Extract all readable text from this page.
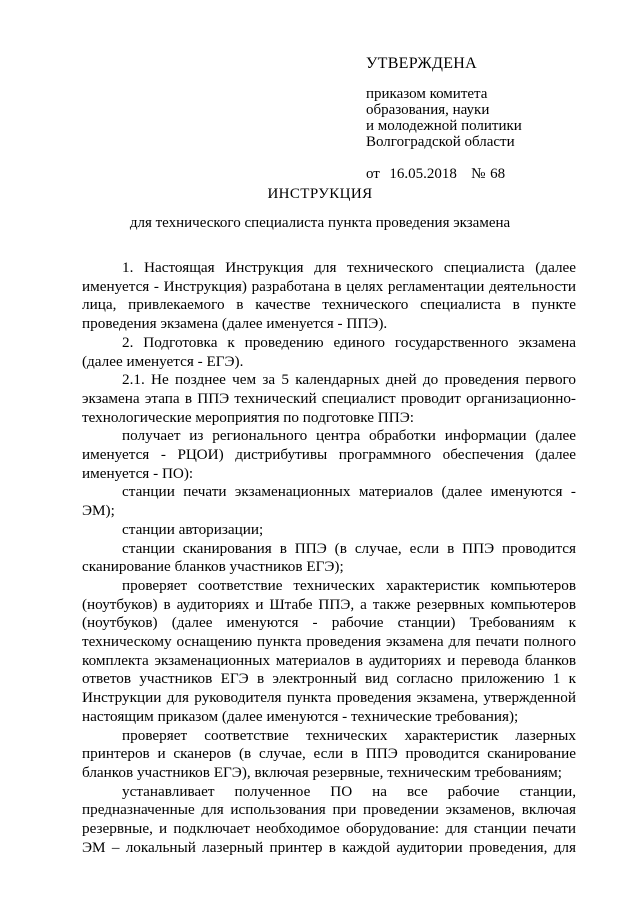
УТВЕРЖДЕНА
приказом комитета
образования, науки
и молодежной политики
Волгоградской области
от  16.05.2018   № 68
ИНСТРУКЦИЯ
для технического специалиста пункта проведения экзамена

1. Настоящая Инструкция для технического специалиста (далее именуется - Инструкция) разработана в целях регламентации деятельности лица, привлекаемого в качестве технического специалиста в пункте проведения экзамена (далее именуется - ППЭ).

2. Подготовка к проведению единого государственного экзамена (далее именуется - ЕГЭ).

2.1. Не позднее чем за 5 календарных дней до проведения первого экзамена этапа в ППЭ технический специалист проводит организационно-технологические мероприятия по подготовке ППЭ:

получает из регионального центра обработки информации (далее именуется - РЦОИ) дистрибутивы программного обеспечения (далее именуется - ПО):

станции печати экзаменационных материалов (далее именуются - ЭМ);

станции авторизации;

станции сканирования в ППЭ (в случае, если в ППЭ проводится сканирование бланков участников ЕГЭ);

проверяет соответствие технических характеристик компьютеров (ноутбуков) в аудиториях и Штабе ППЭ, а также резервных компьютеров (ноутбуков) (далее именуются - рабочие станции) Требованиям к техническому оснащению пункта проведения экзамена для печати полного комплекта экзаменационных материалов в аудиториях и перевода бланков ответов участников ЕГЭ в электронный вид согласно приложению 1 к Инструкции для руководителя пункта проведения экзамена, утвержденной настоящим приказом (далее именуются - технические требования);

проверяет соответствие технических характеристик лазерных принтеров и сканеров (в случае, если в ППЭ проводится сканирование бланков участников ЕГЭ), включая резервные, техническим требованиям;

устанавливает полученное ПО на все рабочие станции, предназначенные для использования при проведении экзаменов, включая резервные, и подключает необходимое оборудование: для станции печати ЭМ – локальный лазерный принтер в каждой аудитории проведения, для
